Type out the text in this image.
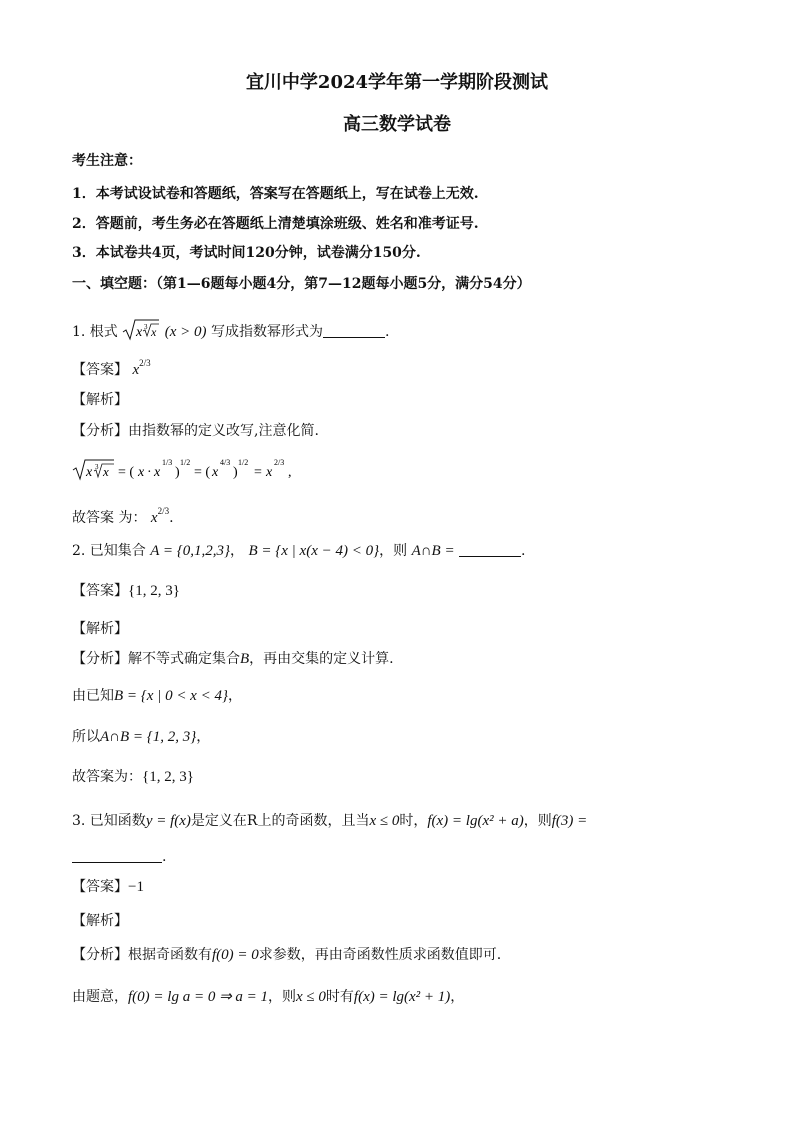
宜川中学2024学年第一学期阶段测试
高三数学试卷
考生注意：
1．本考试设试卷和答题纸，答案写在答题纸上，写在试卷上无效.
2．答题前，考生务必在答题纸上清楚填涂班级、姓名和准考证号.
3．本试卷共4页，考试时间120分钟，试卷满分150分.
一、填空题：（第1—6题每小题4分，第7—12题每小题5分，满分54分）
1. 根式 x 3 x (x > 0) 写成指数幂形式为	.
【答案】 $x^{2/3}$
【解析】
【分析】由指数幂的定义改写,注意化简.
x 3 x = ( x · x
1/3
)
1/2
= ( x
4/3
)
1/2
= x
2/3
,
故答案 为： $x^{2/3}$.
2. 已知集合 A = {0,1,2,3}， B = {x | x(x − 4) < 0}，则 A∩B =	.
【答案】{1, 2, 3}
【解析】
【分析】解不等式确定集合B，再由交集的定义计算.
由已知B = {x | 0 < x < 4}，
所以A∩B = {1, 2, 3}，
故答案为：{1, 2, 3}
3. 已知函数y = f(x)是定义在R上的奇函数，且当x ≤ 0时，f(x) = lg(x² + a)，则f(3) =
.
【答案】−1
【解析】
【分析】根据奇函数有f(0) = 0求参数，再由奇函数性质求函数值即可.
由题意，f(0) = lg a = 0 ⇒ a = 1，则x ≤ 0时有f(x) = lg(x² + 1)，
